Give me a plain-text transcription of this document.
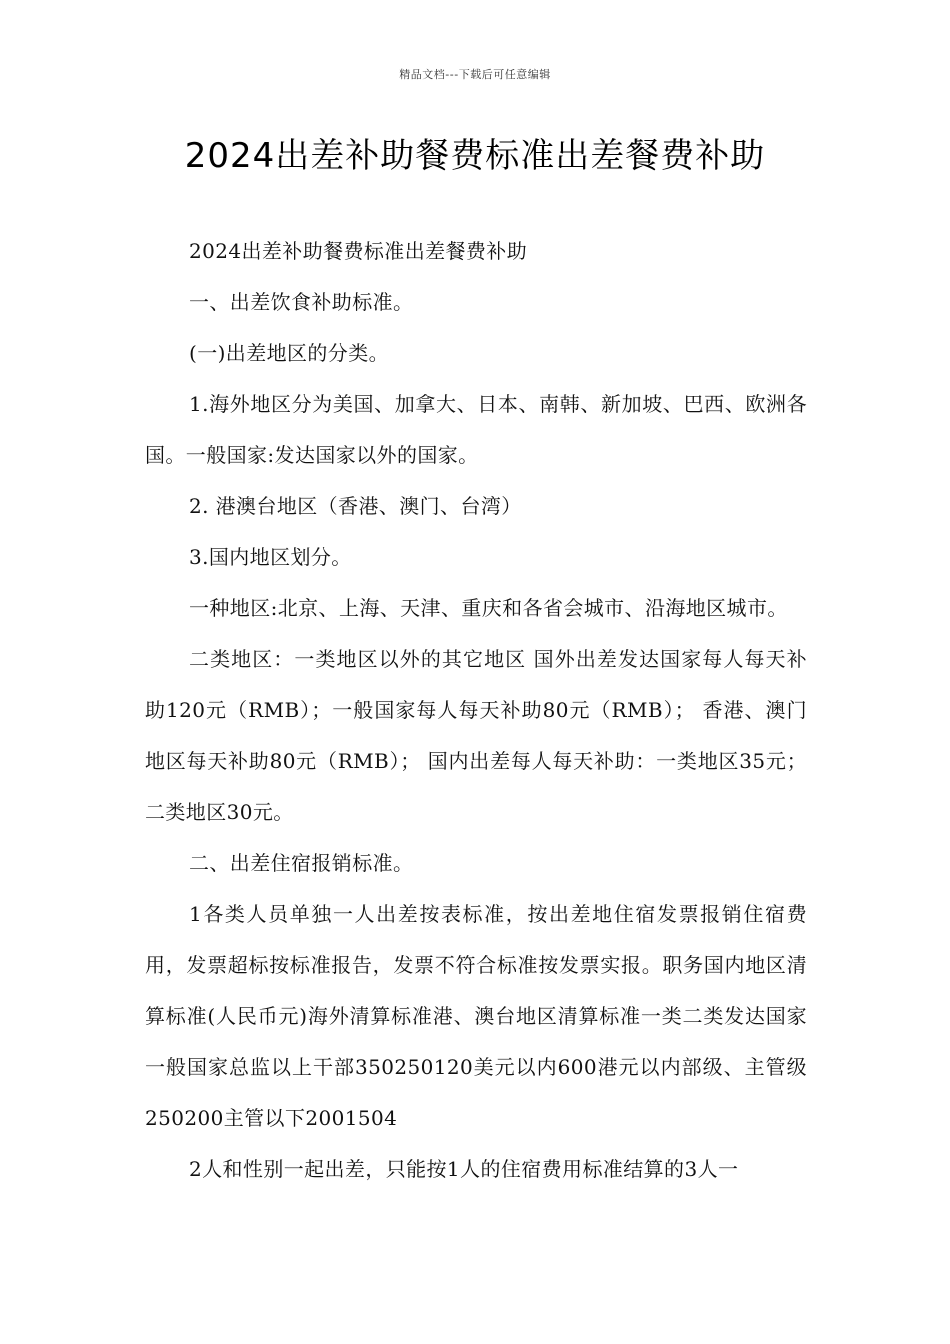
精品文档---下载后可任意编辑
2024出差补助餐费标准出差餐费补助

2024出差补助餐费标准出差餐费补助

一、出差饮食补助标准。

(一)出差地区的分类。

1.海外地区分为美国、加拿大、日本、南韩、新加坡、巴西、欧洲各国。一般国家:发达国家以外的国家。

2. 港澳台地区（香港、澳门、台湾）

3.国内地区划分。

一种地区:北京、上海、天津、重庆和各省会城市、沿海地区城市。

二类地区：一类地区以外的其它地区 国外出差发达国家每人每天补助120元（RMB）；一般国家每人每天补助80元（RMB）； 香港、澳门地区每天补助80元（RMB）； 国内出差每人每天补助：一类地区35元；二类地区30元。

二、出差住宿报销标准。

1各类人员单独一人出差按表标准，按出差地住宿发票报销住宿费用，发票超标按标准报告，发票不符合标准按发票实报。职务国内地区清算标准(人民币元)海外清算标准港、澳台地区清算标准一类二类发达国家一般国家总监以上干部350250120美元以内600港元以内部级、主管级250200主管以下2001504

2人和性别一起出差，只能按1人的住宿费用标准结算的3人一
